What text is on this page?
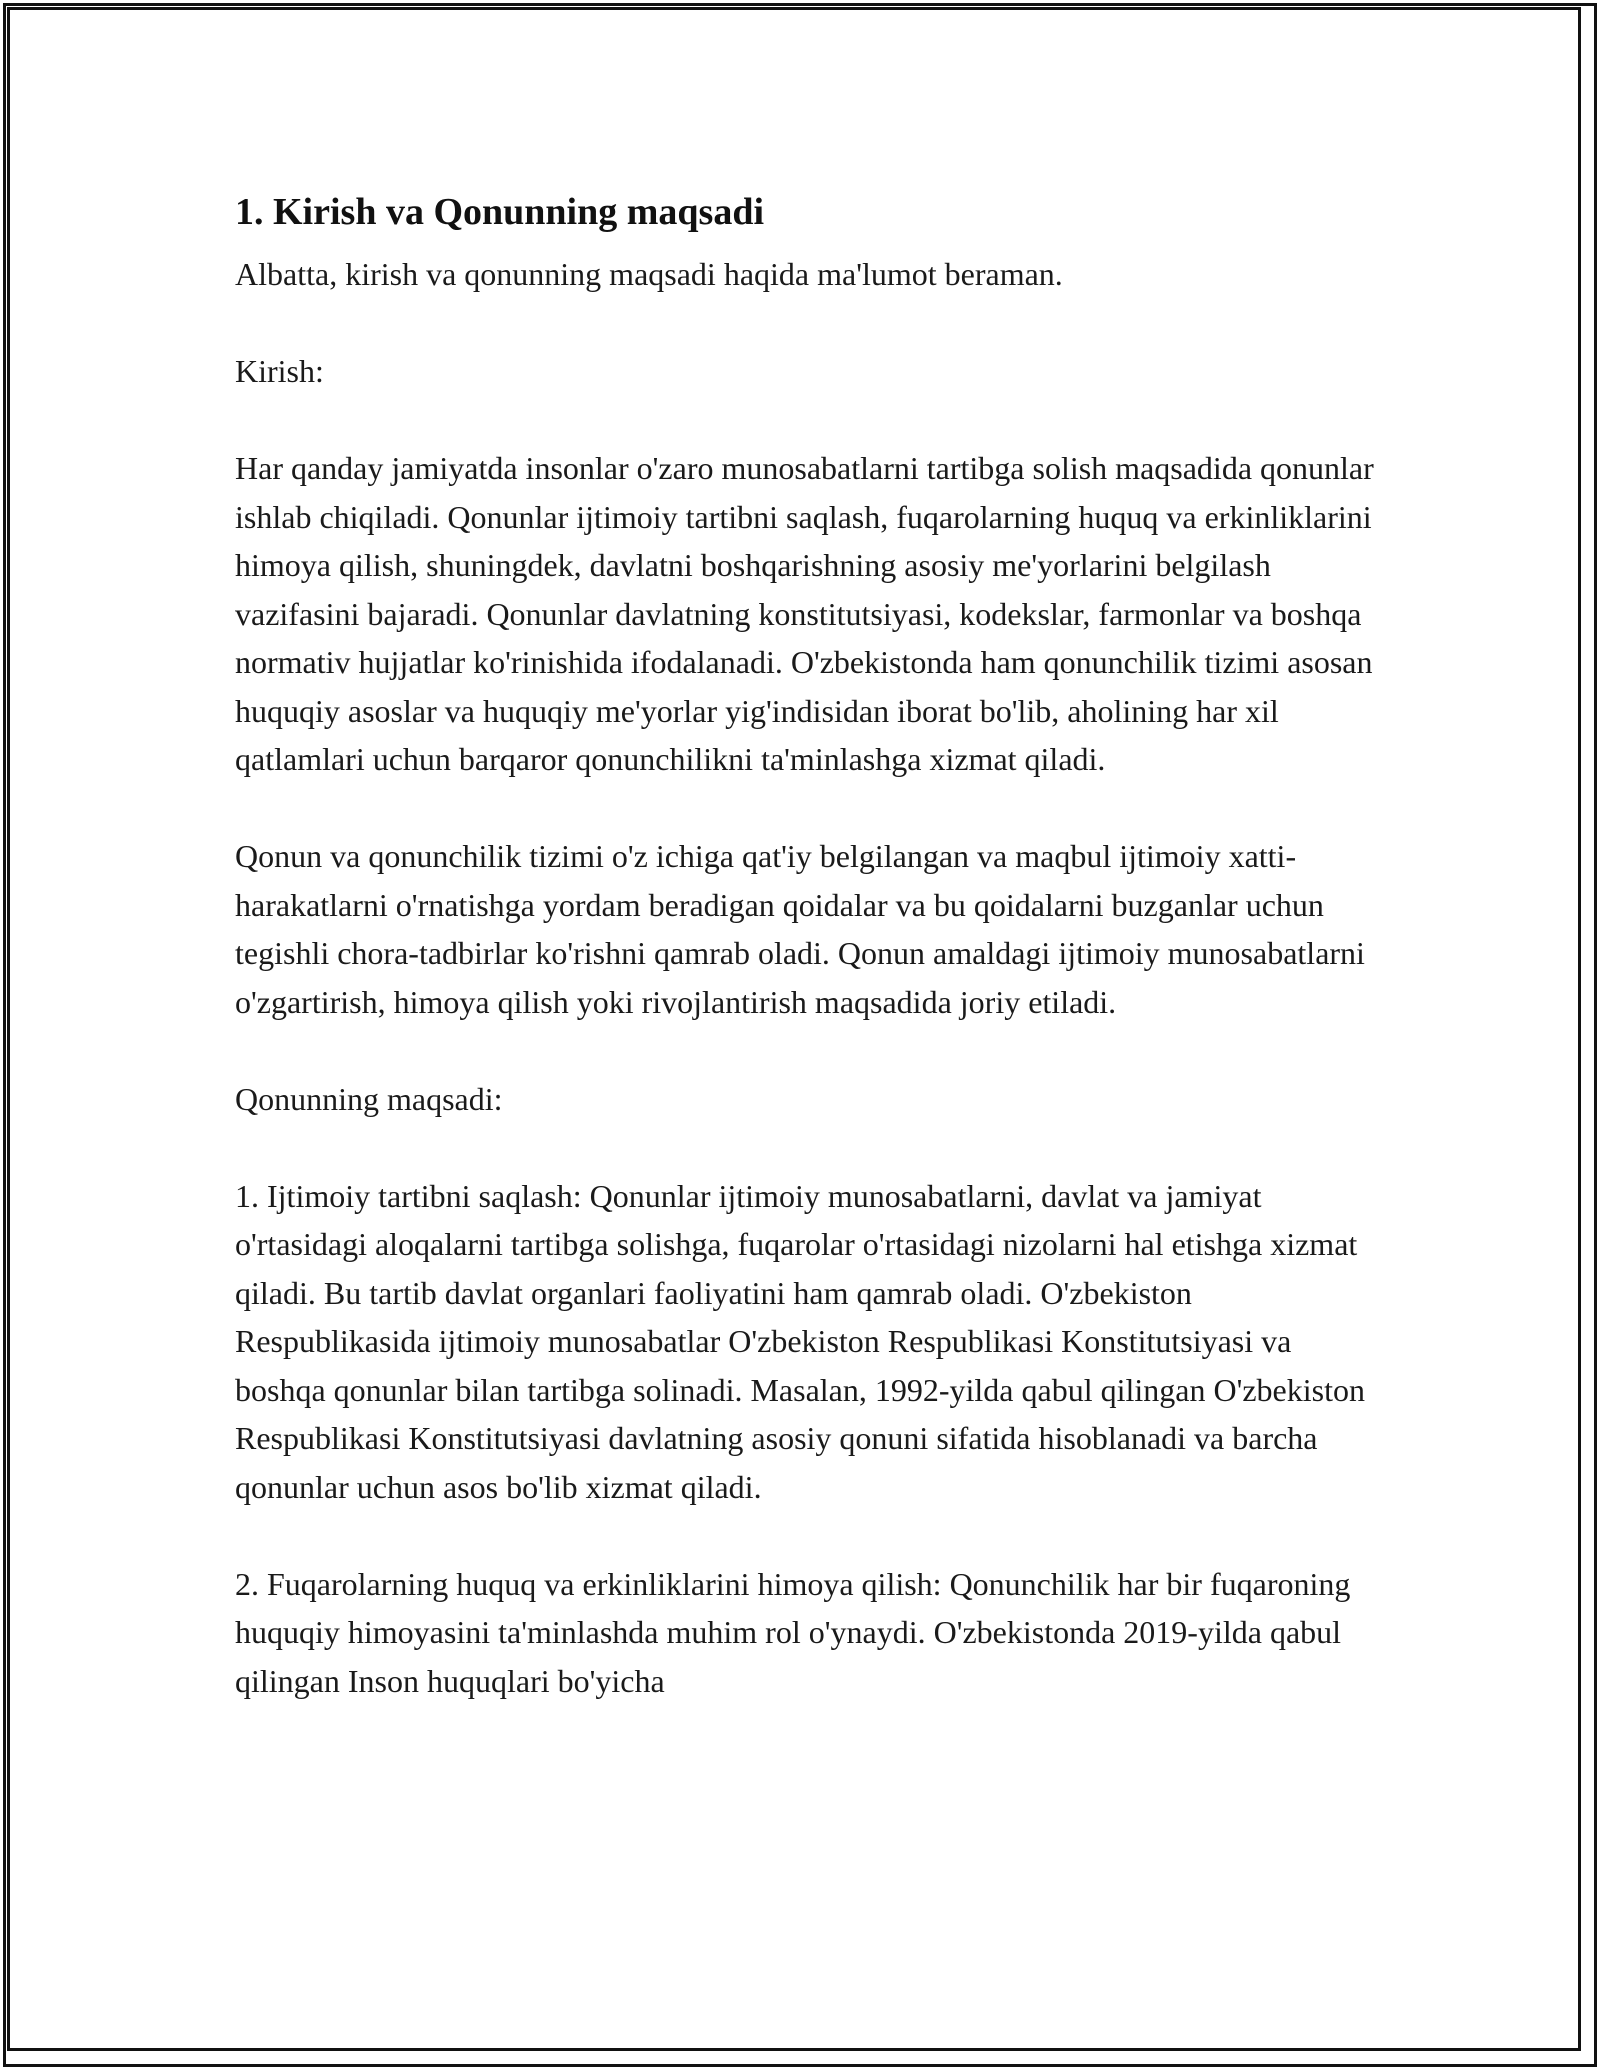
1. Kirish va Qonunning maqsadi

Albatta, kirish va qonunning maqsadi haqida ma'lumot beraman.

Kirish:

Har qanday jamiyatda insonlar o'zaro munosabatlarni tartibga solish maqsadida qonunlar ishlab chiqiladi. Qonunlar ijtimoiy tartibni saqlash, fuqarolarning huquq va erkinliklarini himoya qilish, shuningdek, davlatni boshqarishning asosiy me'yorlarini belgilash vazifasini bajaradi. Qonunlar davlatning konstitutsiyasi, kodekslar, farmonlar va boshqa normativ hujjatlar ko'rinishida ifodalanadi. O'zbekistonda ham qonunchilik tizimi asosan huquqiy asoslar va huquqiy me'yorlar yig'indisidan iborat bo'lib, aholining har xil qatlamlari uchun barqaror qonunchilikni ta'minlashga xizmat qiladi.

Qonun va qonunchilik tizimi o'z ichiga qat'iy belgilangan va maqbul ijtimoiy xatti-harakatlarni o'rnatishga yordam beradigan qoidalar va bu qoidalarni buzganlar uchun tegishli chora-tadbirlar ko'rishni qamrab oladi. Qonun amaldagi ijtimoiy munosabatlarni o'zgartirish, himoya qilish yoki rivojlantirish maqsadida joriy etiladi.

Qonunning maqsadi:

1. Ijtimoiy tartibni saqlash: Qonunlar ijtimoiy munosabatlarni, davlat va jamiyat o'rtasidagi aloqalarni tartibga solishga, fuqarolar o'rtasidagi nizolarni hal etishga xizmat qiladi. Bu tartib davlat organlari faoliyatini ham qamrab oladi. O'zbekiston Respublikasida ijtimoiy munosabatlar O'zbekiston Respublikasi Konstitutsiyasi va boshqa qonunlar bilan tartibga solinadi. Masalan, 1992-yilda qabul qilingan O'zbekiston Respublikasi Konstitutsiyasi davlatning asosiy qonuni sifatida hisoblanadi va barcha qonunlar uchun asos bo'lib xizmat qiladi.

2. Fuqarolarning huquq va erkinliklarini himoya qilish: Qonunchilik har bir fuqaroning huquqiy himoyasini ta'minlashda muhim rol o'ynaydi. O'zbekistonda 2019-yilda qabul qilingan Inson huquqlari bo'yicha
